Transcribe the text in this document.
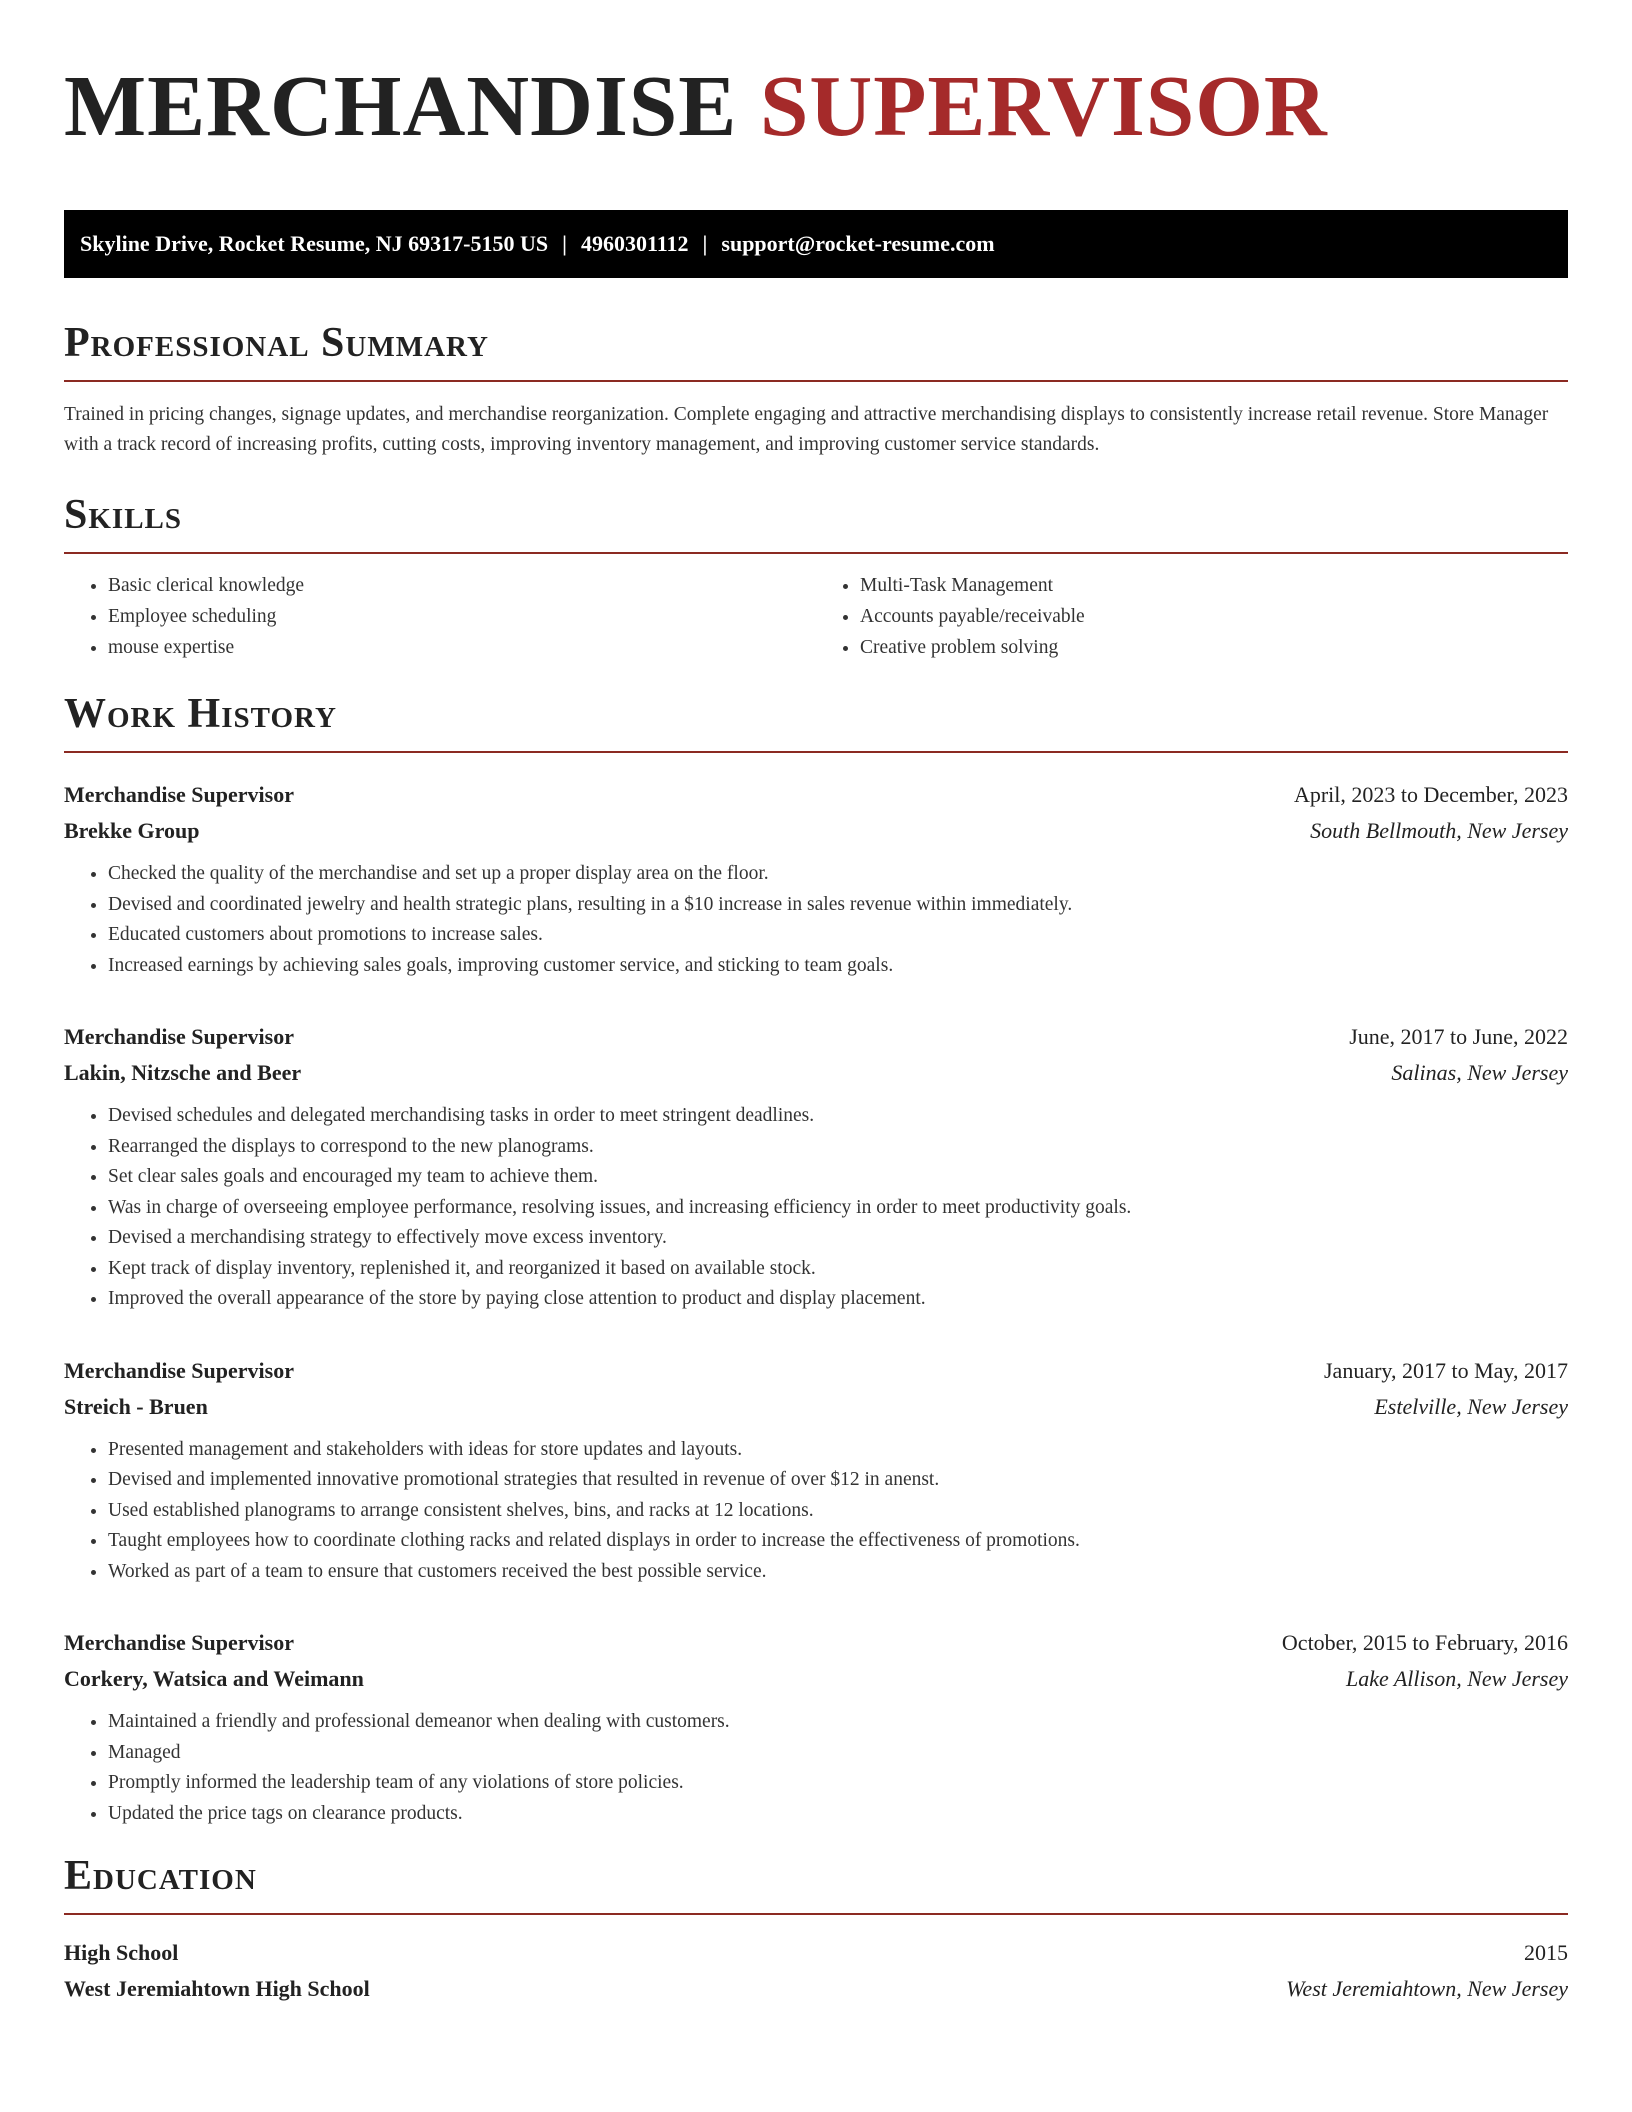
MERCHANDISE SUPERVISOR
Skyline Drive, Rocket Resume, NJ 69317-5150 US | 4960301112 | support@rocket-resume.com
Professional Summary

Trained in pricing changes, signage updates, and merchandise reorganization. Complete engaging and attractive merchandising displays to consistently increase retail revenue. Store Manager with a track record of increasing profits, cutting costs, improving inventory management, and improving customer service standards.

Skills
• Basic clerical knowledge
• Employee scheduling
• mouse expertise
• Multi-Task Management
• Accounts payable/receivable
• Creative problem solving
Work History
Merchandise Supervisor	April, 2023 to December, 2023
Brekke Group	South Bellmouth, New Jersey
• Checked the quality of the merchandise and set up a proper display area on the floor.
• Devised and coordinated jewelry and health strategic plans, resulting in a $10 increase in sales revenue within immediately.
• Educated customers about promotions to increase sales.
• Increased earnings by achieving sales goals, improving customer service, and sticking to team goals.
Merchandise Supervisor	June, 2017 to June, 2022
Lakin, Nitzsche and Beer	Salinas, New Jersey
• Devised schedules and delegated merchandising tasks in order to meet stringent deadlines.
• Rearranged the displays to correspond to the new planograms.
• Set clear sales goals and encouraged my team to achieve them.
• Was in charge of overseeing employee performance, resolving issues, and increasing efficiency in order to meet productivity goals.
• Devised a merchandising strategy to effectively move excess inventory.
• Kept track of display inventory, replenished it, and reorganized it based on available stock.
• Improved the overall appearance of the store by paying close attention to product and display placement.
Merchandise Supervisor	January, 2017 to May, 2017
Streich - Bruen	Estelville, New Jersey
• Presented management and stakeholders with ideas for store updates and layouts.
• Devised and implemented innovative promotional strategies that resulted in revenue of over $12 in anenst.
• Used established planograms to arrange consistent shelves, bins, and racks at 12 locations.
• Taught employees how to coordinate clothing racks and related displays in order to increase the effectiveness of promotions.
• Worked as part of a team to ensure that customers received the best possible service.
Merchandise Supervisor	October, 2015 to February, 2016
Corkery, Watsica and Weimann	Lake Allison, New Jersey
• Maintained a friendly and professional demeanor when dealing with customers.
• Managed
• Promptly informed the leadership team of any violations of store policies.
• Updated the price tags on clearance products.
Education
High School	2015
West Jeremiahtown High School	West Jeremiahtown, New Jersey
